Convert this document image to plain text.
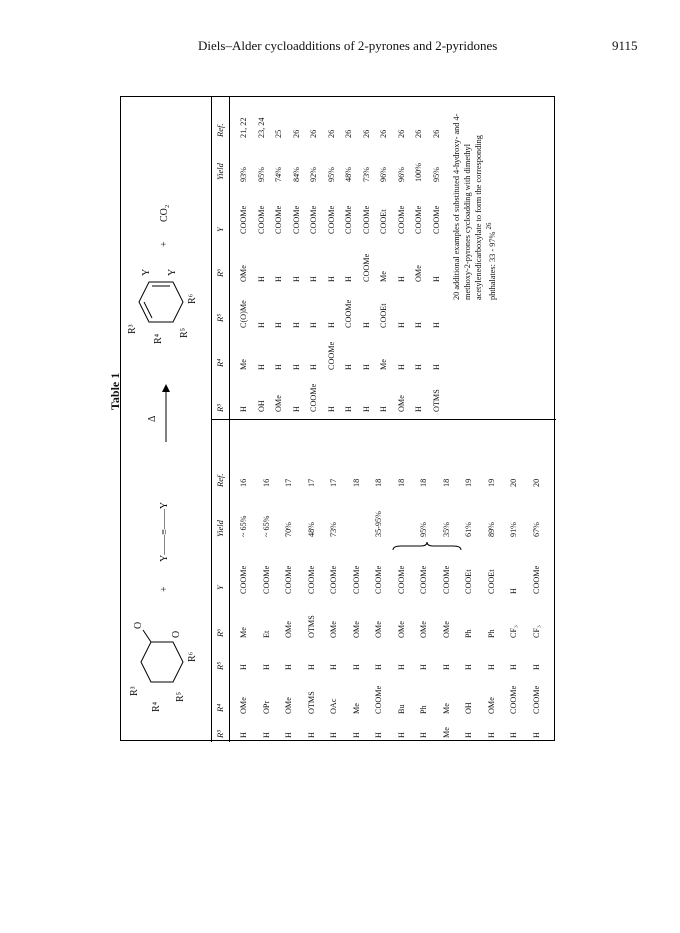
Diels–Alder cycloadditions of 2-pyrones and 2-pyridones	9115
Table 1
R³
R⁴
R⁵
R⁶
O
O
+
Y——≡——Y
Δ
R³
R⁴
R⁵
R⁶
Y Y
+
CO₂
R³
R⁴
R⁵
R⁶
Y
Yield
Ref.
R³
R⁴
R⁵
R⁶
Y
Yield
Ref.
H
OMe
H
Me
COOMe
~ 65%
16
H
OPr
H
Et
COOMe
~ 65%
16
H
OMe
H
OMe
COOMe
70%
17
H
OTMS
H
OTMS
COOMe
48%
17
H
OAc
H
OMe
COOMe
73%
17
H
Me
H
OMe
COOMe
18
H
COOMe
H
OMe
COOMe
35-95%
18
H
Bu
H
OMe
COOMe
18
H
Ph
H
OMe
COOMe
95%
18
Me
Me
H
OMe
COOMe
35%
18
H
OH
H
Ph
COOEt
61%
19
H
OMe
H
Ph
COOEt
89%
19
H
COOMe
H
CF₃
H
91%
20
H
COOMe
H
CF₃
COOMe
67%
20
H
Me
C(O)Me
OMe
COOMe
93%
21, 22
OH
H
H
H
COOMe
95%
23, 24
OMe
H
H
H
COOMe
74%
25
H
H
H
H
COOMe
84%
26
COOMe
H
H
H
COOMe
92%
26
H
COOMe
H
H
COOMe
95%
26
H
H
COOMe
H
COOMe
48%
26
H
H
H
COOMe
COOMe
73%
26
H
Me
COOEt
Me
COOEt
96%
26
OMe
H
H
H
COOMe
96%
26
H
H
H
OMe
COOMe
100%
26
OTMS
H
H
H
COOMe
95%
26 20 additional examples of substituted 4-hydroxy- and 4-methoxy-2-pyrones cycloadding with dimethyl acetylenedicarboxylate to form the corresponding phthalates: 33 - 97% $^{26}$
